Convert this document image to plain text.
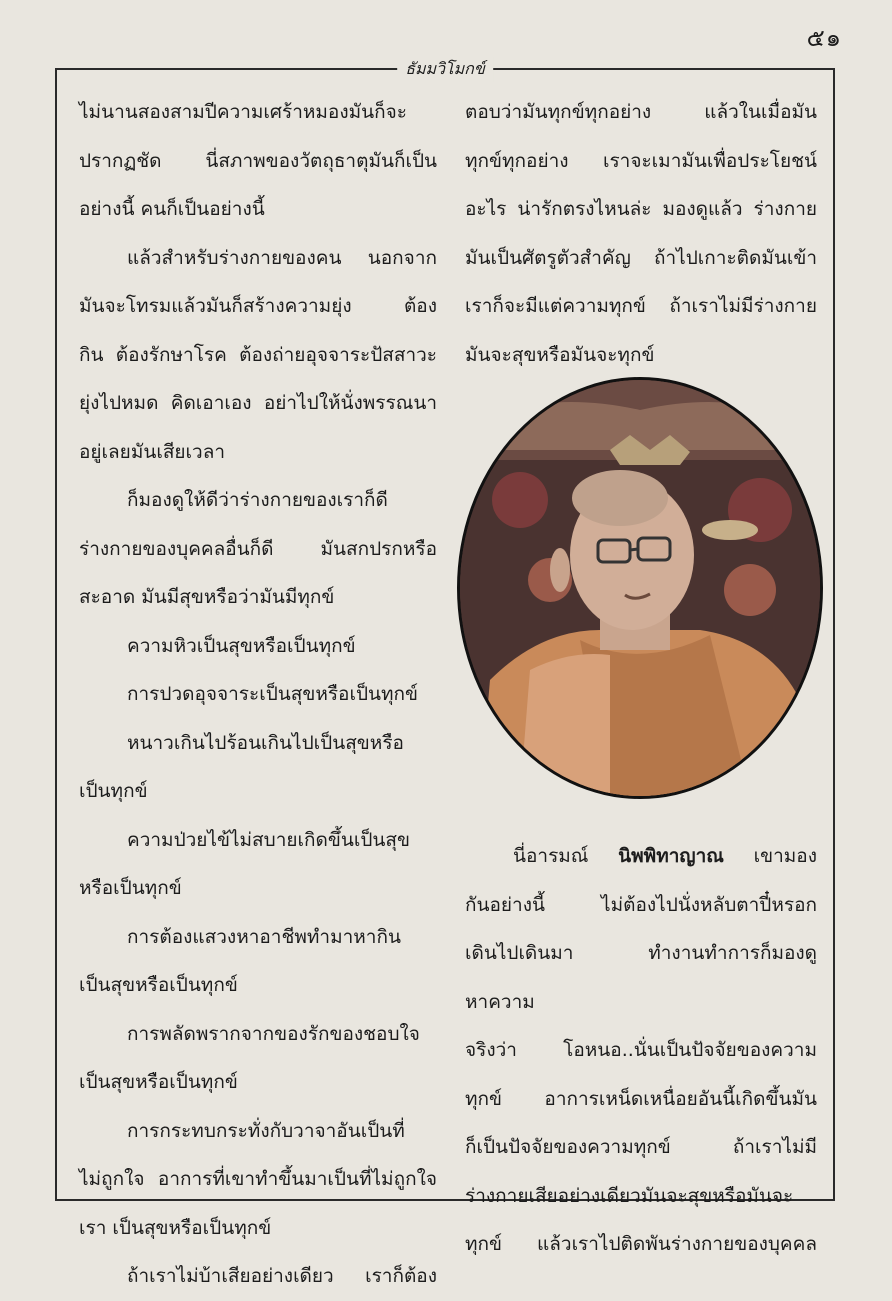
๕๑
ธัมมวิโมกข์

ไม่นานสองสามปีความเศร้าหมองมันก็จะ

ปรากฏชัด นี่สภาพของวัตถุธาตุมันก็เป็น

อย่างนี้ คนก็เป็นอย่างนี้

แล้วสำหรับร่างกายของคน นอกจาก

มันจะโทรมแล้วมันก็สร้างความยุ่ง ต้อง

กิน ต้องรักษาโรค ต้องถ่ายอุจจาระปัสสาวะ

ยุ่งไปหมด คิดเอาเอง อย่าไปให้นั่งพรรณนา

อยู่เลยมันเสียเวลา

ก็มองดูให้ดีว่าร่างกายของเราก็ดี

ร่างกายของบุคคลอื่นก็ดี มันสกปรกหรือ

สะอาด มันมีสุขหรือว่ามันมีทุกข์

ความหิวเป็นสุขหรือเป็นทุกข์

การปวดอุจจาระเป็นสุขหรือเป็นทุกข์

หนาวเกินไปร้อนเกินไปเป็นสุขหรือ

เป็นทุกข์

ความป่วยไข้ไม่สบายเกิดขึ้นเป็นสุข

หรือเป็นทุกข์

การต้องแสวงหาอาชีพทำมาหากิน

เป็นสุขหรือเป็นทุกข์

การพลัดพรากจากของรักของชอบใจ

เป็นสุขหรือเป็นทุกข์

การกระทบกระทั่งกับวาจาอันเป็นที่

ไม่ถูกใจ อาการที่เขาทำขึ้นมาเป็นที่ไม่ถูกใจ

เรา เป็นสุขหรือเป็นทุกข์

ถ้าเราไม่บ้าเสียอย่างเดียว เราก็ต้อง

ตอบว่ามันทุกข์ทุกอย่าง แล้วในเมื่อมัน

ทุกข์ทุกอย่าง เราจะเมามันเพื่อประโยชน์

อะไร น่ารักตรงไหนล่ะ มองดูแล้ว ร่างกาย

มันเป็นศัตรูตัวสำคัญ ถ้าไปเกาะติดมันเข้า

เราก็จะมีแต่ความทุกข์ ถ้าเราไม่มีร่างกาย

มันจะสุขหรือมันจะทุกข์

นี่อารมณ์ นิพพิทาญาณ เขามอง

กันอย่างนี้ ไม่ต้องไปนั่งหลับตาปี๋หรอก

เดินไปเดินมา ทำงานทำการก็มองดูหาความ

จริงว่า โอหนอ..นั่นเป็นปัจจัยของความ

ทุกข์ อาการเหน็ดเหนื่อยอันนี้เกิดขึ้นมัน

ก็เป็นปัจจัยของความทุกข์ ถ้าเราไม่มี

ร่างกายเสียอย่างเดียวมันจะสุขหรือมันจะ

ทุกข์ แล้วเราไปติดพันร่างกายของบุคคล
